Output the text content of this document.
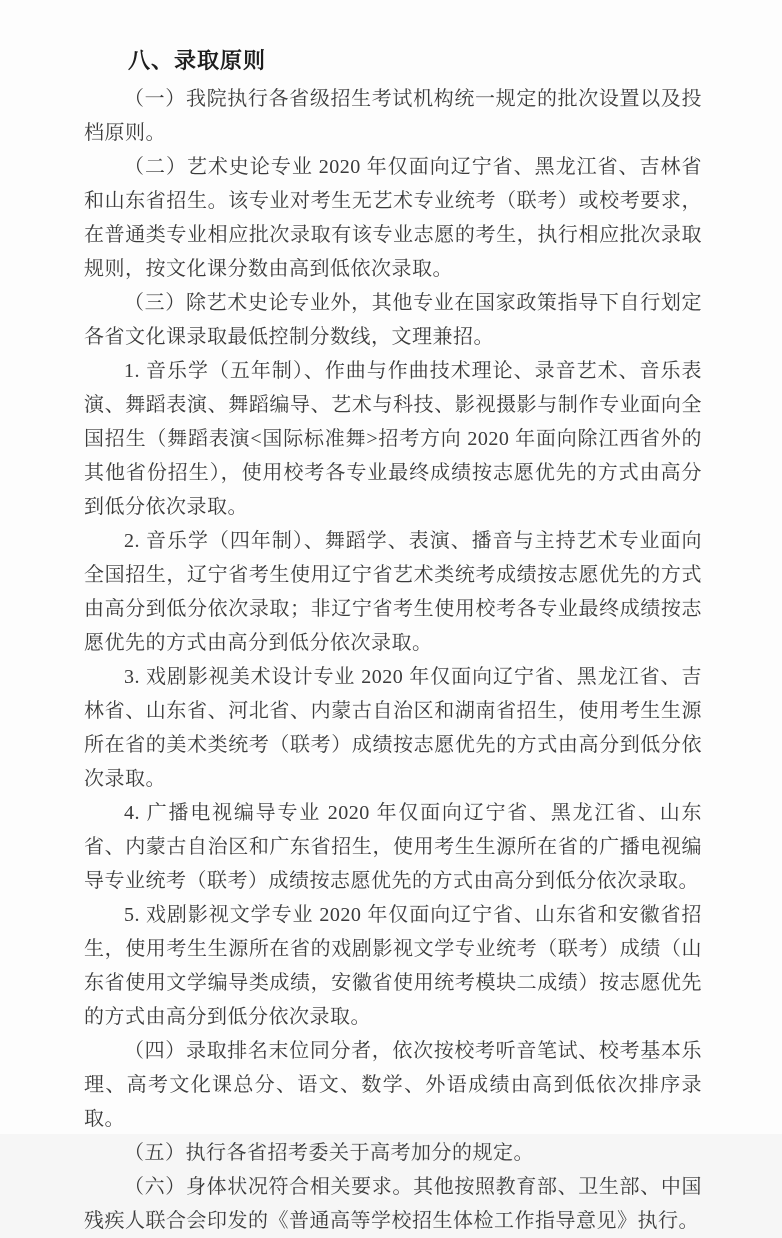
八、录取原则

（一）我院执行各省级招生考试机构统一规定的批次设置以及投档原则。

（二）艺术史论专业 2020 年仅面向辽宁省、黑龙江省、吉林省和山东省招生。该专业对考生无艺术专业统考（联考）或校考要求，在普通类专业相应批次录取有该专业志愿的考生，执行相应批次录取规则，按文化课分数由高到低依次录取。

（三）除艺术史论专业外，其他专业在国家政策指导下自行划定各省文化课录取最低控制分数线，文理兼招。

1. 音乐学（五年制）、作曲与作曲技术理论、录音艺术、音乐表演、舞蹈表演、舞蹈编导、艺术与科技、影视摄影与制作专业面向全国招生（舞蹈表演<国际标准舞>招考方向 2020 年面向除江西省外的其他省份招生），使用校考各专业最终成绩按志愿优先的方式由高分到低分依次录取。

2. 音乐学（四年制）、舞蹈学、表演、播音与主持艺术专业面向全国招生，辽宁省考生使用辽宁省艺术类统考成绩按志愿优先的方式由高分到低分依次录取；非辽宁省考生使用校考各专业最终成绩按志愿优先的方式由高分到低分依次录取。

3. 戏剧影视美术设计专业 2020 年仅面向辽宁省、黑龙江省、吉林省、山东省、河北省、内蒙古自治区和湖南省招生，使用考生生源所在省的美术类统考（联考）成绩按志愿优先的方式由高分到低分依次录取。

4. 广播电视编导专业 2020 年仅面向辽宁省、黑龙江省、山东省、内蒙古自治区和广东省招生，使用考生生源所在省的广播电视编导专业统考（联考）成绩按志愿优先的方式由高分到低分依次录取。

5. 戏剧影视文学专业 2020 年仅面向辽宁省、山东省和安徽省招生，使用考生生源所在省的戏剧影视文学专业统考（联考）成绩（山东省使用文学编导类成绩，安徽省使用统考模块二成绩）按志愿优先的方式由高分到低分依次录取。

（四）录取排名末位同分者，依次按校考听音笔试、校考基本乐理、高考文化课总分、语文、数学、外语成绩由高到低依次排序录取。

（五）执行各省招考委关于高考加分的规定。

（六）身体状况符合相关要求。其他按照教育部、卫生部、中国残疾人联合会印发的《普通高等学校招生体检工作指导意见》执行。
